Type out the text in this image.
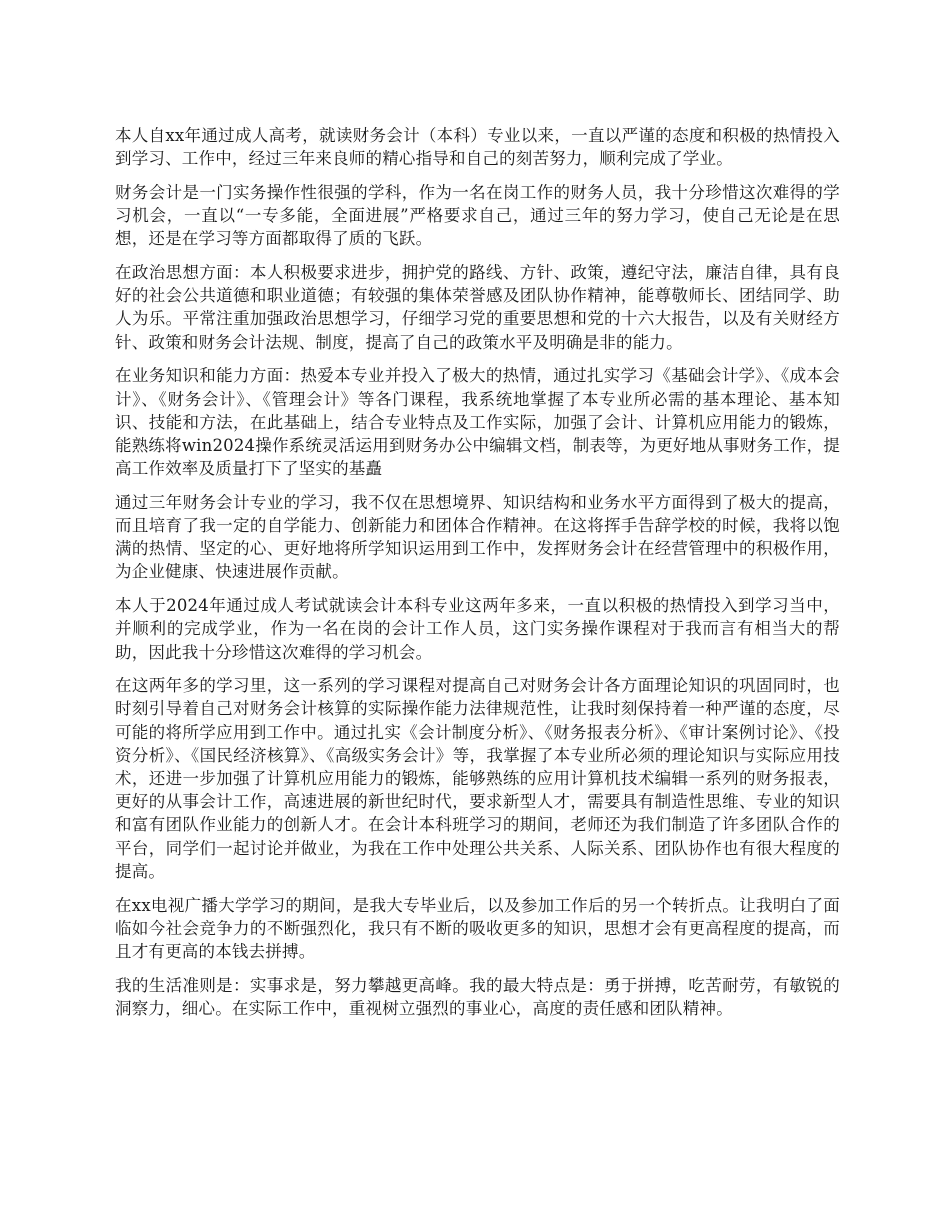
本人自xx年通过成人高考，就读财务会计（本科）专业以来，一直以严谨的态度和积极的热情投入到学习、工作中，经过三年来良师的精心指导和自己的刻苦努力，顺利完成了学业。

财务会计是一门实务操作性很强的学科，作为一名在岗工作的财务人员，我十分珍惜这次难得的学习机会，一直以“一专多能，全面进展”严格要求自己，通过三年的努力学习，使自己无论是在思想，还是在学习等方面都取得了质的飞跃。

在政治思想方面：本人积极要求进步，拥护党的路线、方针、政策，遵纪守法，廉洁自律，具有良好的社会公共道德和职业道德；有较强的集体荣誉感及团队协作精神，能尊敬师长、团结同学、助人为乐。平常注重加强政治思想学习，仔细学习党的重要思想和党的十六大报告，以及有关财经方针、政策和财务会计法规、制度，提高了自己的政策水平及明确是非的能力。

在业务知识和能力方面：热爱本专业并投入了极大的热情，通过扎实学习《基础会计学》、《成本会计》、《财务会计》、《管理会计》等各门课程，我系统地掌握了本专业所必需的基本理论、基本知识、技能和方法，在此基础上，结合专业特点及工作实际，加强了会计、计算机应用能力的锻炼，能熟练将win2024操作系统灵活运用到财务办公中编辑文档，制表等，为更好地从事财务工作，提高工作效率及质量打下了坚实的基矗

通过三年财务会计专业的学习，我不仅在思想境界、知识结构和业务水平方面得到了极大的提高，而且培育了我一定的自学能力、创新能力和团体合作精神。在这将挥手告辞学校的时候，我将以饱满的热情、坚定的心、更好地将所学知识运用到工作中，发挥财务会计在经营管理中的积极作用，为企业健康、快速进展作贡献。

本人于2024年通过成人考试就读会计本科专业这两年多来，一直以积极的热情投入到学习当中，并顺利的完成学业，作为一名在岗的会计工作人员，这门实务操作课程对于我而言有相当大的帮助，因此我十分珍惜这次难得的学习机会。

在这两年多的学习里，这一系列的学习课程对提高自己对财务会计各方面理论知识的巩固同时，也时刻引导着自己对财务会计核算的实际操作能力法律规范性，让我时刻保持着一种严谨的态度，尽可能的将所学应用到工作中。通过扎实《会计制度分析》、《财务报表分析》、《审计案例讨论》、《投资分析》、《国民经济核算》、《高级实务会计》等，我掌握了本专业所必须的理论知识与实际应用技术，还进一步加强了计算机应用能力的锻炼，能够熟练的应用计算机技术编辑一系列的财务报表，更好的从事会计工作，高速进展的新世纪时代，要求新型人才，需要具有制造性思维、专业的知识和富有团队作业能力的创新人才。在会计本科班学习的期间，老师还为我们制造了许多团队合作的平台，同学们一起讨论并做业，为我在工作中处理公共关系、人际关系、团队协作也有很大程度的提高。

在xx电视广播大学学习的期间，是我大专毕业后，以及参加工作后的另一个转折点。让我明白了面临如今社会竞争力的不断强烈化，我只有不断的吸收更多的知识，思想才会有更高程度的提高，而且才有更高的本钱去拼搏。

我的生活准则是：实事求是，努力攀越更高峰。我的最大特点是：勇于拼搏，吃苦耐劳，有敏锐的洞察力，细心。在实际工作中，重视树立强烈的事业心，高度的责任感和团队精神。
